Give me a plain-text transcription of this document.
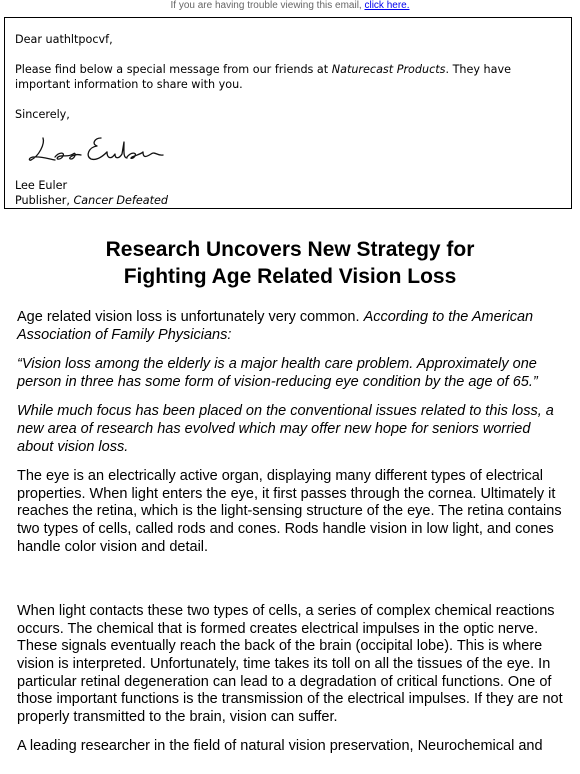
If you are having trouble viewing this email, click here.

Dear uathltpocvf,

Please find below a special message from our friends at Naturecast Products. They have important information to share with you.

Sincerely,

Lee Euler

Publisher, Cancer Defeated

Research Uncovers New Strategy for
Fighting Age Related Vision Loss

Age related vision loss is unfortunately very common. According to the American Association of Family Physicians:

“Vision loss among the elderly is a major health care problem. Approximately one person in three has some form of vision-reducing eye condition by the age of 65.”

While much focus has been placed on the conventional issues related to this loss, a new area of research has evolved which may offer new hope for seniors worried about vision loss.

The eye is an electrically active organ, displaying many different types of electrical properties. When light enters the eye, it first passes through the cornea. Ultimately it reaches the retina, which is the light-sensing structure of the eye. The retina contains two types of cells, called rods and cones. Rods handle vision in low light, and cones handle color vision and detail.

When light contacts these two types of cells, a series of complex chemical reactions occurs. The chemical that is formed creates electrical impulses in the optic nerve. These signals eventually reach the back of the brain (occipital lobe). This is where vision is interpreted. Unfortunately, time takes its toll on all the tissues of the eye. In particular retinal degeneration can lead to a degradation of critical functions. One of those important functions is the transmission of the electrical impulses. If they are not properly transmitted to the brain, vision can suffer.

A leading researcher in the field of natural vision preservation, Neurochemical and
